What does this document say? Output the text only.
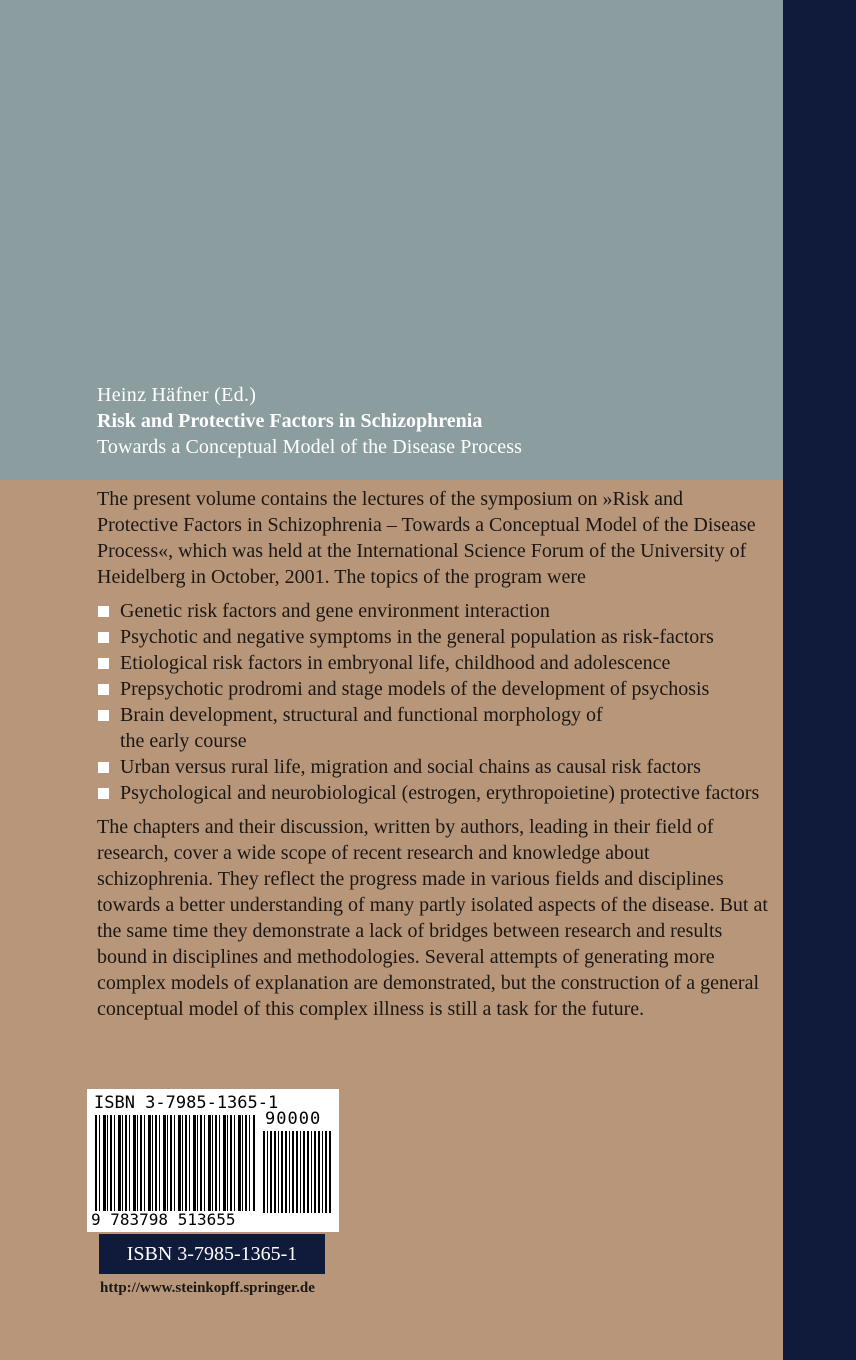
Heinz Häfner (Ed.)
Risk and Protective Factors in Schizophrenia
Towards a Conceptual Model of the Disease Process

The present volume contains the lectures of the symposium on »Risk and Protective Factors in Schizophrenia – Towards a Conceptual Model of the Disease Process«, which was held at the International Science Forum of the University of Heidelberg in October, 2001. The topics of the program were

Genetic risk factors and gene environment interaction
Psychotic and negative symptoms in the general population as risk-factors
Etiological risk factors in embryonal life, childhood and adolescence
Prepsychotic prodromi and stage models of the development of psychosis
Brain development, structural and functional morphology of the early course
Urban versus rural life, migration and social chains as causal risk factors
Psychological and neurobiological (estrogen, erythropoietine) protective factors

The chapters and their discussion, written by authors, leading in their field of research, cover a wide scope of recent research and knowledge about schizophrenia. They reflect the progress made in various fields and disciplines towards a better understanding of many partly isolated aspects of the disease. But at the same time they demonstrate a lack of bridges between research and results bound in disciplines and methodologies. Several attempts of generating more complex models of explanation are demonstrated, but the construction of a general conceptual model of this complex illness is still a task for the future.

ISBN 3-7985-1365-1
90000
9 783798 513655
ISBN 3-7985-1365-1
http://www.steinkopff.springer.de
